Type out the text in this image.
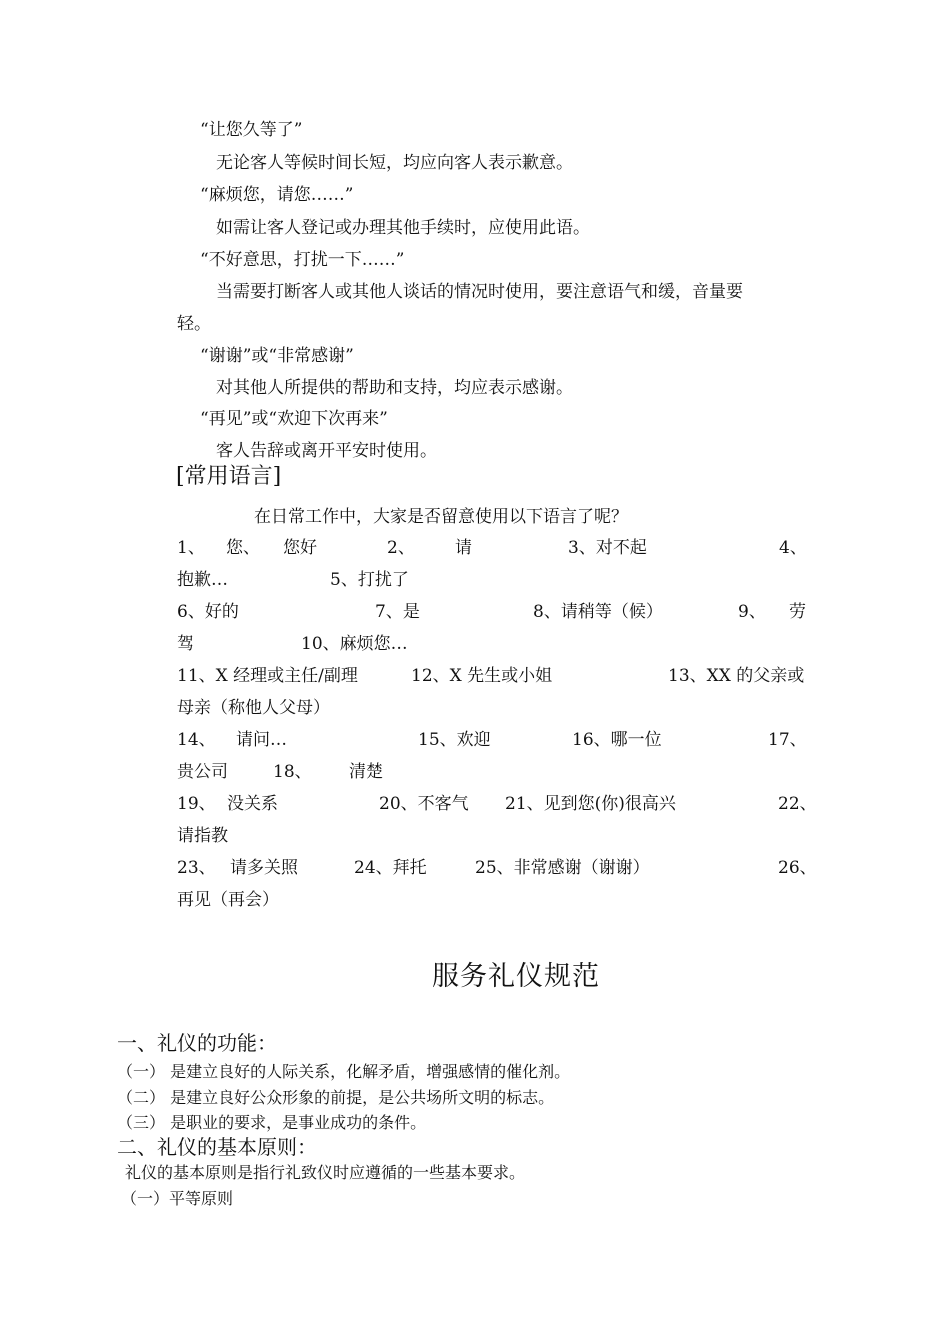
“让您久等了”
无论客人等候时间长短，均应向客人表示歉意。
“麻烦您，请您……”
如需让客人登记或办理其他手续时，应使用此语。
“不好意思，打扰一下……”
当需要打断客人或其他人谈话的情况时使用，要注意语气和缓，音量要
轻。
“谢谢”或“非常感谢”
对其他人所提供的帮助和支持，均应表示感谢。
“再见”或“欢迎下次再来”
客人告辞或离开平安时使用。
[常用语言]
在日常工作中，大家是否留意使用以下语言了呢？
1、 您、 您好	2、 请	3、对不起	4、
抱歉…	5、打扰了
6、好的	7、是	8、请稍等（候）	9、 劳
驾	10、麻烦您…
11、X 经理或主任/副理	12、X 先生或小姐	13、XX 的父亲或
母亲（称他人父母）
14、 请问…	15、欢迎	16、哪一位	17、
贵公司	18、 清楚
19、 没关系	20、不客气 21、见到您(你)很高兴	22、
请指教
23、 请多关照	24、拜托	25、非常感谢（谢谢）	26、
再见（再会）
服务礼仪规范
一、礼仪的功能：
（一） 是建立良好的人际关系，化解矛盾，增强感情的催化剂。
（二） 是建立良好公众形象的前提，是公共场所文明的标志。
（三） 是职业的要求，是事业成功的条件。
二、礼仪的基本原则：
礼仪的基本原则是指行礼致仪时应遵循的一些基本要求。
（一）平等原则
